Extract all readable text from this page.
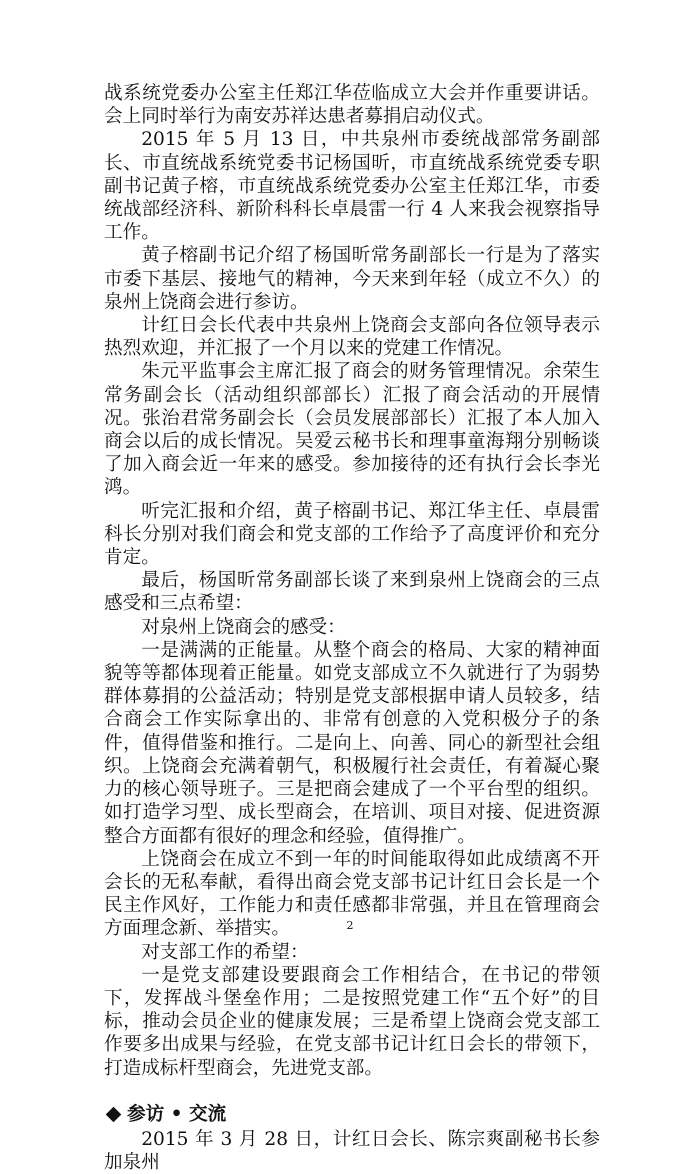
战系统党委办公室主任郑江华莅临成立大会并作重要讲话。会上同时举行为南安苏祥达患者募捐启动仪式。

2015 年 5 月 13 日，中共泉州市委统战部常务副部长、市直统战系统党委书记杨国昕，市直统战系统党委专职副书记黄子榕，市直统战系统党委办公室主任郑江华，市委统战部经济科、新阶科科长卓晨雷一行 4 人来我会视察指导工作。

黄子榕副书记介绍了杨国昕常务副部长一行是为了落实市委下基层、接地气的精神，今天来到年轻（成立不久）的泉州上饶商会进行参访。

计红日会长代表中共泉州上饶商会支部向各位领导表示热烈欢迎，并汇报了一个月以来的党建工作情况。

朱元平监事会主席汇报了商会的财务管理情况。余荣生常务副会长（活动组织部部长）汇报了商会活动的开展情况。张治君常务副会长（会员发展部部长）汇报了本人加入商会以后的成长情况。吴爱云秘书长和理事童海翔分别畅谈了加入商会近一年来的感受。参加接待的还有执行会长李光鸿。

听完汇报和介绍，黄子榕副书记、郑江华主任、卓晨雷科长分别对我们商会和党支部的工作给予了高度评价和充分肯定。

最后，杨国昕常务副部长谈了来到泉州上饶商会的三点感受和三点希望：

对泉州上饶商会的感受：

一是满满的正能量。从整个商会的格局、大家的精神面貌等等都体现着正能量。如党支部成立不久就进行了为弱势群体募捐的公益活动；特别是党支部根据申请人员较多，结合商会工作实际拿出的、非常有创意的入党积极分子的条件，值得借鉴和推行。二是向上、向善、同心的新型社会组织。上饶商会充满着朝气，积极履行社会责任，有着凝心聚力的核心领导班子。三是把商会建成了一个平台型的组织。如打造学习型、成长型商会，在培训、项目对接、促进资源整合方面都有很好的理念和经验，值得推广。

上饶商会在成立不到一年的时间能取得如此成绩离不开会长的无私奉献，看得出商会党支部书记计红日会长是一个民主作风好，工作能力和责任感都非常强，并且在管理商会方面理念新、举措实。

对支部工作的希望：

一是党支部建设要跟商会工作相结合，在书记的带领下，发挥战斗堡垒作用；二是按照党建工作“五个好”的目标，推动会员企业的健康发展；三是希望上饶商会党支部工作要多出成果与经验，在党支部书记计红日会长的带领下，打造成标杆型商会，先进党支部。

参访 • 交流

2015 年 3 月 28 日，计红日会长、陈宗爽副秘书长参加泉州

2
